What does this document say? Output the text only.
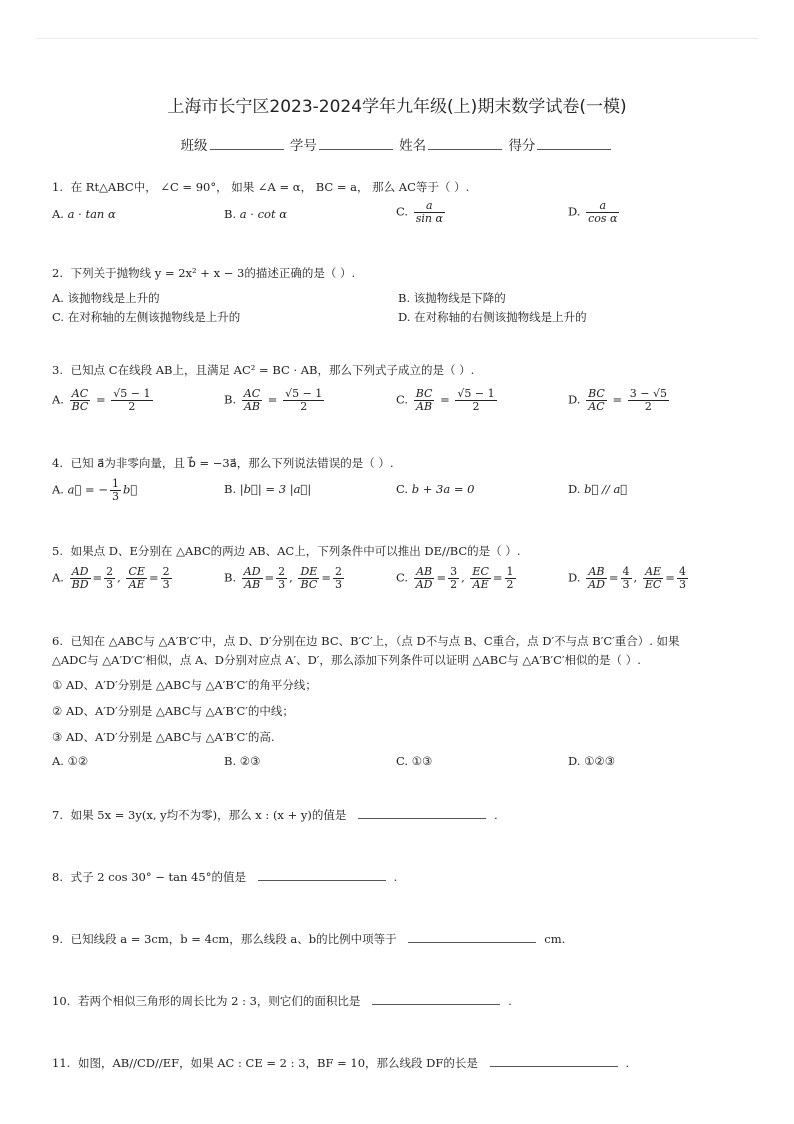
上海市长宁区2023-2024学年九年级(上)期末数学试卷(一模)
班级	学号	姓名	得分
1. 在 Rt△ABC中， ∠C = 90°， 如果 ∠A = α， BC = a， 那么 AC等于（ ）.
A. a · tan α	B. a · cot α	C. $\frac{a}{\text{sin α}}$	D. $\frac{a}{\text{cos α}}$
2. 下列关于抛物线 y = 2x² + x − 3的描述正确的是（ ）.
A. 该抛物线是上升的	B. 该抛物线是下降的
C. 在对称轴的左侧该抛物线是上升的	D. 在对称轴的右侧该抛物线是上升的
3. 已知点 C在线段 AB上，且满足 AC² = BC · AB，那么下列式子成立的是（ ）.
A. $\frac{AC}{BC} = \frac{√5 - 1}{2}$	B. $\frac{AC}{AB} = \frac{√5 - 1}{2}$	C. $\frac{BC}{AB} = \frac{√5 - 1}{2}$	D. $\frac{BC}{AC} = \frac{3 - √5}{2}$
4. 已知 a⃗为非零向量，且 b⃗ = −3a⃗，那么下列说法错误的是（ ）.
A. a⃗ = − $\frac{1}{3}$ b⃗	B. |b⃗| = 3 |a⃗|	C. b + 3a = 0	D. b⃗ // a⃗
5. 如果点 D、E分别在 △ABC的两边 AB、AC上，下列条件中可以推出 DE//BC的是（ ）.
A. $\frac{AD}{BD} = \frac{2}{3}$ , $\frac{CE}{AE} = \frac{2}{3}$	B. $\frac{AD}{AB} = \frac{2}{3}$ , $\frac{DE}{BC} = \frac{2}{3}$	C. $\frac{AB}{AD} = \frac{3}{2}$ , $\frac{EC}{AE} = \frac{1}{2}$	D. $\frac{AB}{AD} = \frac{4}{3}$ , $\frac{AE}{EC} = \frac{4}{3}$
6. 已知在 △ABC与 △A′B′C′中，点 D、D′分别在边 BC、B′C′上，（点 D不与点 B、C重合，点 D′不与点 B′C′重合）. 如果
△ADC与 △A′D′C′相似，点 A、D分别对应点 A′、D′，那么添加下列条件可以证明 △ABC与 △A′B′C′相似的是（ ）.
① AD、A′D′分别是 △ABC与 △A′B′C′的角平分线；
② AD、A′D′分别是 △ABC与 △A′B′C′的中线；
③ AD、A′D′分别是 △ABC与 △A′B′C′的高.
A. ①②	B. ②③	C. ①③	D. ①②③
7. 如果 5x = 3y(x, y均不为零)，那么 x : (x + y)的值是	.
8. 式子 2 cos 30° − tan 45°的值是	.
9. 已知线段 a = 3cm，b = 4cm，那么线段 a、b的比例中项等于	cm.
10. 若两个相似三角形的周长比为 2 : 3，则它们的面积比是	.
11. 如图，AB//CD//EF，如果 AC : CE = 2 : 3，BF = 10，那么线段 DF的长是	.
